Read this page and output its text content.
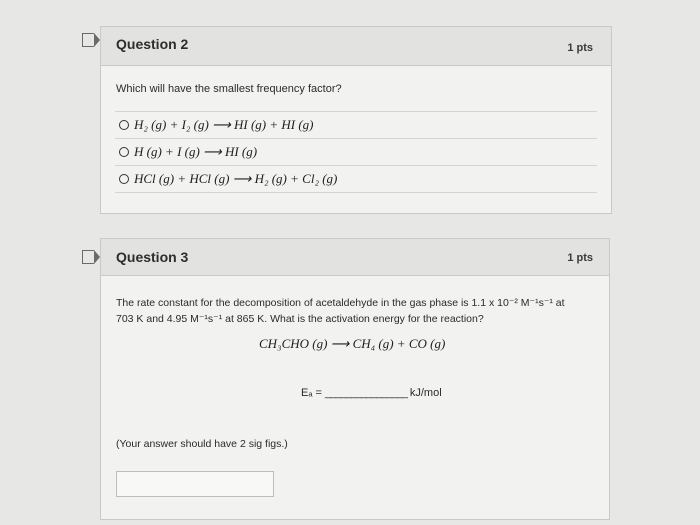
Question 2	1 pts
Which will have the smallest frequency factor?
H₂ (g) + I₂ (g) ⟶ HI (g) + HI (g)
H (g) + I (g) ⟶ HI (g)
HCl (g) + HCl (g) ⟶ H₂ (g) + Cl₂ (g)
Question 3	1 pts
The rate constant for the decomposition of acetaldehyde in the gas phase is 1.1 x 10⁻² M⁻¹s⁻¹ at
703 K and 4.95 M⁻¹s⁻¹ at 865 K. What is the activation energy for the reaction?
CH₃CHO (g) ⟶ CH₄ (g) + CO (g)
Eₐ = ________________ kJ/mol
(Your answer should have 2 sig figs.)
